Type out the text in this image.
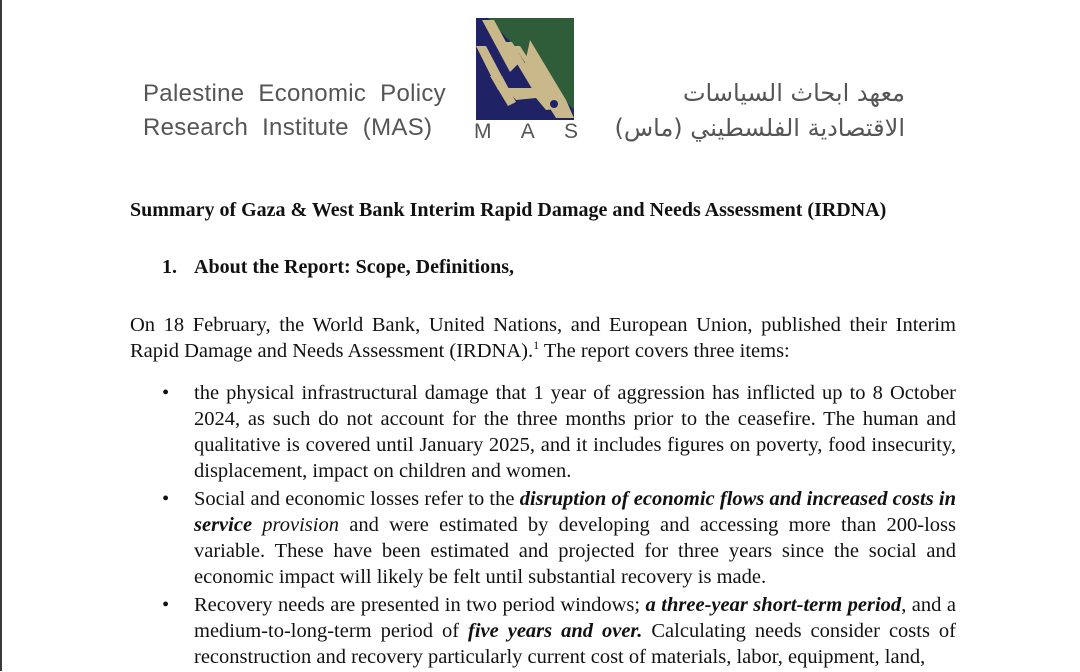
Palestine Economic Policy
Research Institute (MAS)	M A S
معهد ابحاث السياسات
الاقتصادية الفلسطيني (ماس)
Summary of Gaza & West Bank Interim Rapid Damage and Needs Assessment (IRDNA)
1. About the Report: Scope, Definitions,

On 18 February, the World Bank, United Nations, and European Union, published their Interim Rapid Damage and Needs Assessment (IRDNA).$^1$ The report covers three items:

• the physical infrastructural damage that 1 year of aggression has inflicted up to 8 October 2024, as such do not account for the three months prior to the ceasefire. The human and qualitative is covered until January 2025, and it includes figures on poverty, food insecurity, displacement, impact on children and women.
• Social and economic losses refer to the disruption of economic flows and increased costs in service provision and were estimated by developing and accessing more than 200-loss variable. These have been estimated and projected for three years since the social and economic impact will likely be felt until substantial recovery is made.
• Recovery needs are presented in two period windows; a three-year short-term period, and a medium-to-long-term period of five years and over. Calculating needs consider costs of reconstruction and recovery particularly current cost of materials, labor, equipment, land,
